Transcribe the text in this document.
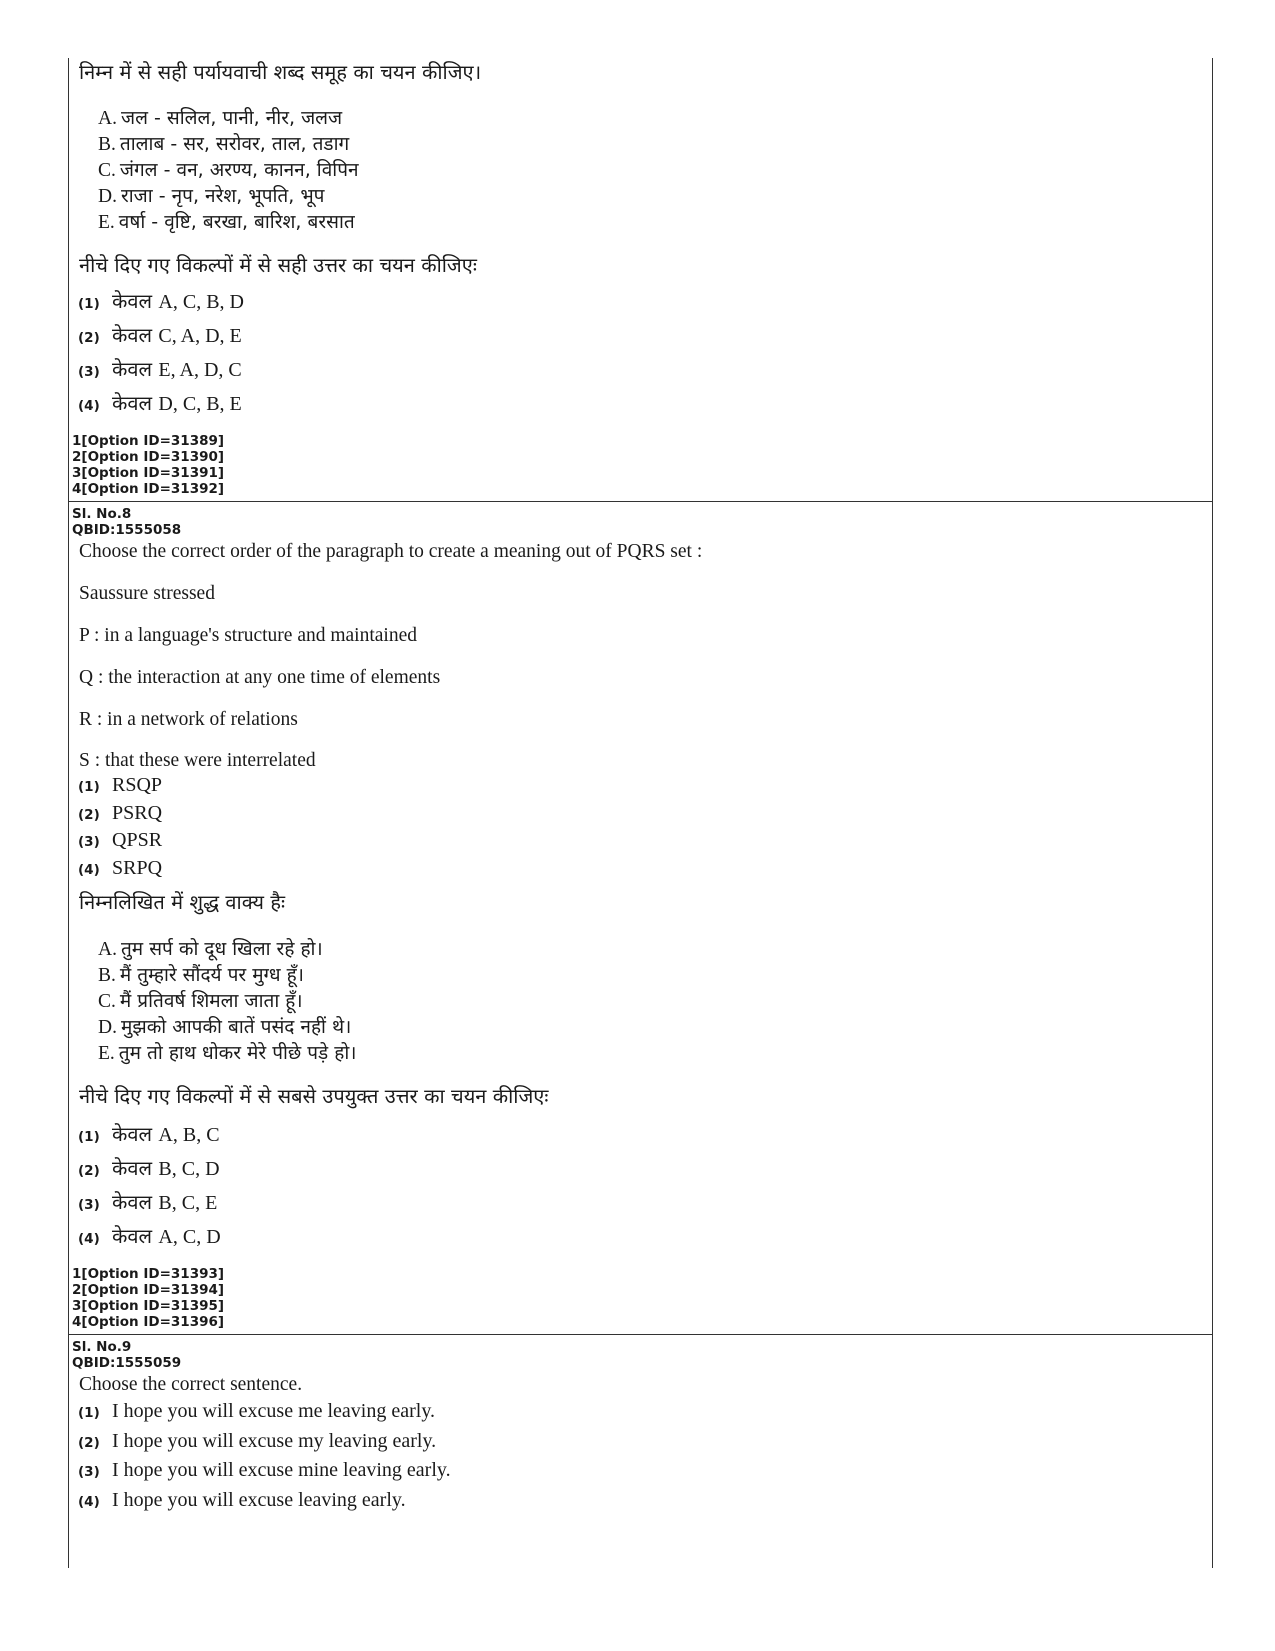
निम्न में से सही पर्यायवाची शब्द समूह का चयन कीजिए।
A. जल - सलिल, पानी, नीर, जलज
B. तालाब - सर, सरोवर, ताल, तडाग
C. जंगल - वन, अरण्य, कानन, विपिन
D. राजा - नृप, नरेश, भूपति, भूप
E. वर्षा - वृष्टि, बरखा, बारिश, बरसात
नीचे दिए गए विकल्पों में से सही उत्तर का चयन कीजिएः
(1) केवल A, C, B, D
(2) केवल C, A, D, E
(3) केवल E, A, D, C
(4) केवल D, C, B, E
1[Option ID=31389]
2[Option ID=31390]
3[Option ID=31391]
4[Option ID=31392]
Sl. No.8
QBID:1555058
Choose the correct order of the paragraph to create a meaning out of PQRS set :
Saussure stressed
P : in a language's structure and maintained
Q : the interaction at any one time of elements
R : in a network of relations
S : that these were interrelated
(1) RSQP
(2) PSRQ
(3) QPSR
(4) SRPQ
निम्नलिखित में शुद्ध वाक्य हैः
A. तुम सर्प को दूध खिला रहे हो।
B. मैं तुम्हारे सौंदर्य पर मुग्ध हूँ।
C. मैं प्रतिवर्ष शिमला जाता हूँ।
D. मुझको आपकी बातें पसंद नहीं थे।
E. तुम तो हाथ धोकर मेरे पीछे पड़े हो।
नीचे दिए गए विकल्पों में से सबसे उपयुक्त उत्तर का चयन कीजिएः
(1) केवल A, B, C
(2) केवल B, C, D
(3) केवल B, C, E
(4) केवल A, C, D
1[Option ID=31393]
2[Option ID=31394]
3[Option ID=31395]
4[Option ID=31396]
Sl. No.9
QBID:1555059
Choose the correct sentence.
(1) I hope you will excuse me leaving early.
(2) I hope you will excuse my leaving early.
(3) I hope you will excuse mine leaving early.
(4) I hope you will excuse leaving early.
